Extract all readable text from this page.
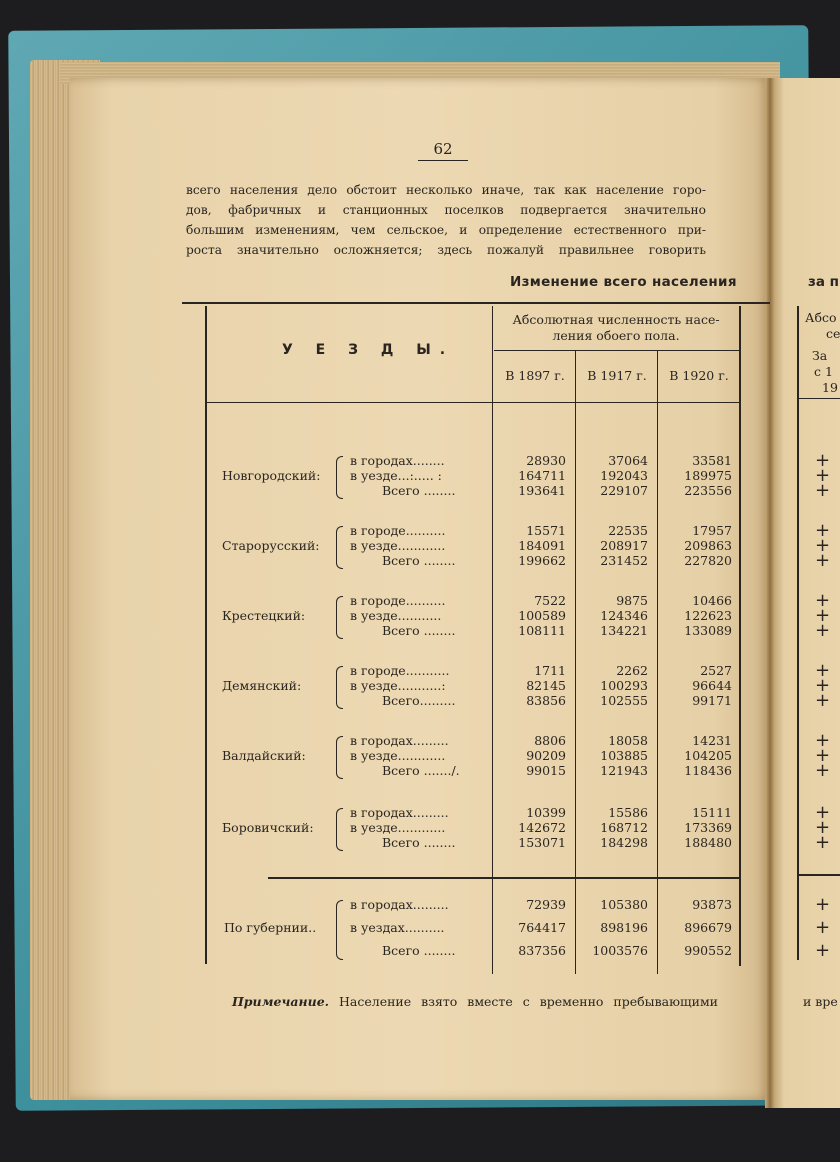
62
всего населения дело обстоит несколько иначе, так как население горо-
дов, фабричных и станционных поселков подвергается значительно
большим изменениям, чем сельское, и определение естественного при-
роста значительно осложняется; здесь пожалуй правильнее говорить
Изменение всего населения	за п
У Е З Д Ы.
Абсолютная численность насе-
ления обоего пола.
В 1897 г.	В 1917 г.	В 1920 г.
Абсо
се
За
с 1
19
Новгородский:
в городах........	28930	37064	33581	+
в уезде...:..... :	164711	192043	189975	+
Всего ........	193641	229107	223556	+
Старорусский:
в городе..........	15571	22535	17957	+
в уезде............	184091	208917	209863	+
Всего ........	199662	231452	227820	+
Крестецкий:
в городе..........	7522	9875	10466	+
в уезде...........	100589	124346	122623	+
Всего ........	108111	134221	133089	+
Демянский:
в городе...........	1711	2262	2527	+
в уезде...........:	82145	100293	96644	+
Всего.........	83856	102555	99171	+
Валдайский:
в городах.........	8806	18058	14231	+
в уезде............	90209	103885	104205	+
Всего ......./.	99015	121943	118436	+
Боровичский:
в городах.........	10399	15586	15111	+
в уезде............	142672	168712	173369	+
Всего ........	153071	184298	188480	+
По губернии..
в городах.........	72939	105380	93873	+
в уездах..........	764417	898196	896679	+
Всего ........	837356	1003576	990552	+
Примечание. Население взято вместе с временно пребывающими	и вре
